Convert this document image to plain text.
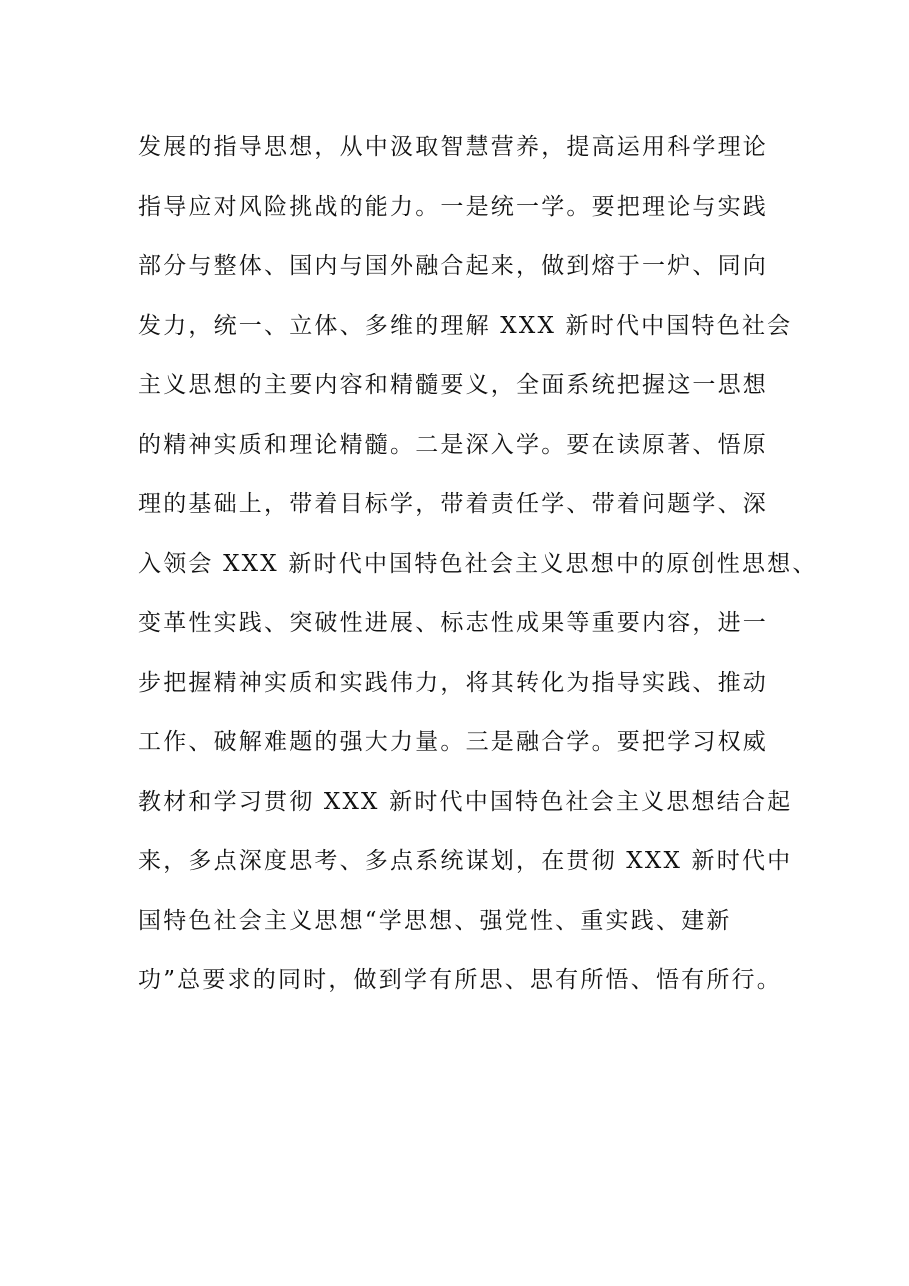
发展的指导思想，从中汲取智慧营养，提高运用科学理论
指导应对风险挑战的能力。一是统一学。要把理论与实践
部分与整体、国内与国外融合起来，做到熔于一炉、同向
发力，统一、立体、多维的理解 XXX 新时代中国特色社会
主义思想的主要内容和精髓要义，全面系统把握这一思想
的精神实质和理论精髓。二是深入学。要在读原著、悟原
理的基础上，带着目标学，带着责任学、带着问题学、深
入领会 XXX 新时代中国特色社会主义思想中的原创性思想、
变革性实践、突破性进展、标志性成果等重要内容，进一
步把握精神实质和实践伟力，将其转化为指导实践、推动
工作、破解难题的强大力量。三是融合学。要把学习权威
教材和学习贯彻 XXX 新时代中国特色社会主义思想结合起
来，多点深度思考、多点系统谋划，在贯彻 XXX 新时代中
国特色社会主义思想“学思想、强党性、重实践、建新
功”总要求的同时，做到学有所思、思有所悟、悟有所行。
